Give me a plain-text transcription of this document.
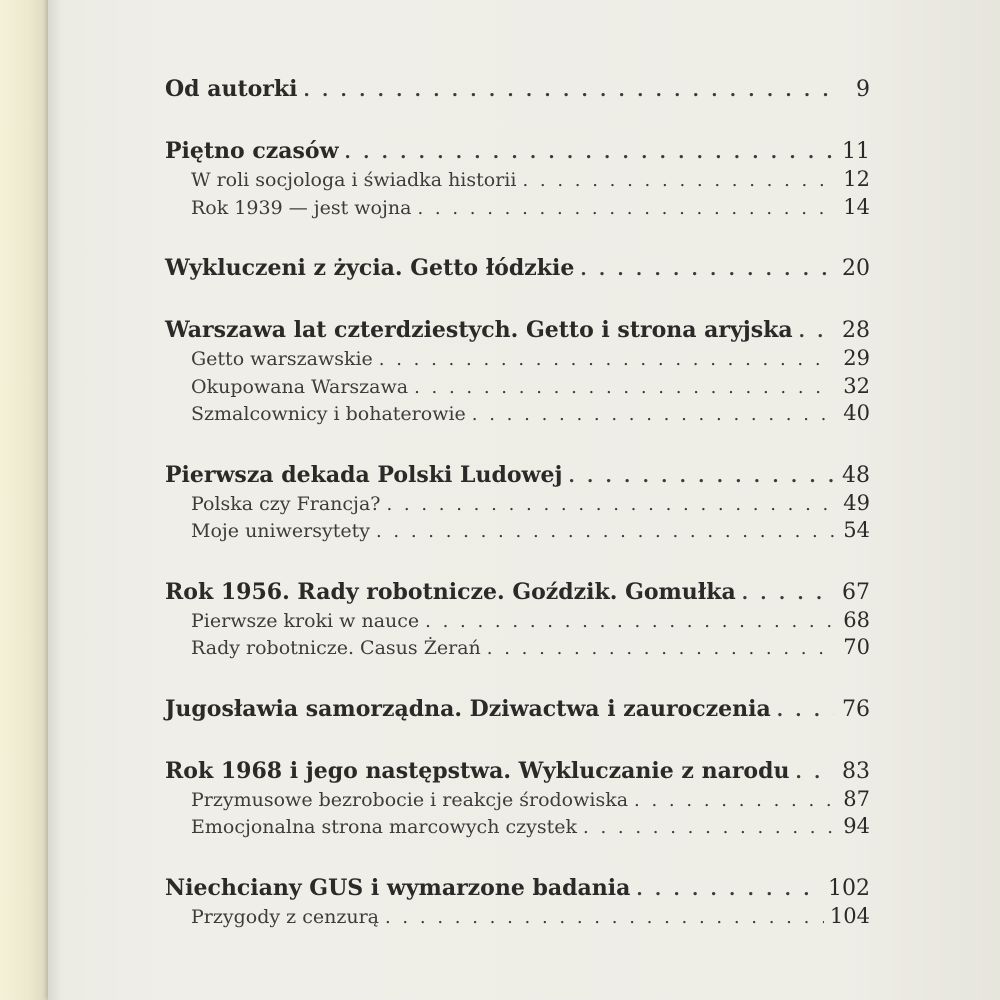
Od autorki . . .	9
Piętno czasów . . .	11
W roli socjologa i świadka historii . . .	12
Rok 1939 — jest wojna . . .	14
Wykluczeni z życia. Getto łódzkie . . .	20
Warszawa lat czterdziestych. Getto i strona aryjska . . . 28
Getto warszawskie . . .	29
Okupowana Warszawa . . .	32
Szmalcownicy i bohaterowie . . .	40
Pierwsza dekada Polski Ludowej . . .	48
Polska czy Francja? . . .	49
Moje uniwersytety . . .	54
Rok 1956. Rady robotnicze. Goździk. Gomułka . . .	67
Pierwsze kroki w nauce . . .	68
Rady robotnicze. Casus Żerań . . .	70
Jugosławia samorządna. Dziwactwa i zauroczenia . . .	76
Rok 1968 i jego następstwa. Wykluczanie z narodu . . . 83
Przymusowe bezrobocie i reakcje środowiska . . .	87
Emocjonalna strona marcowych czystek . . .	94
Niechciany GUS i wymarzone badania . . .	102
Przygody z cenzurą . . .	104
